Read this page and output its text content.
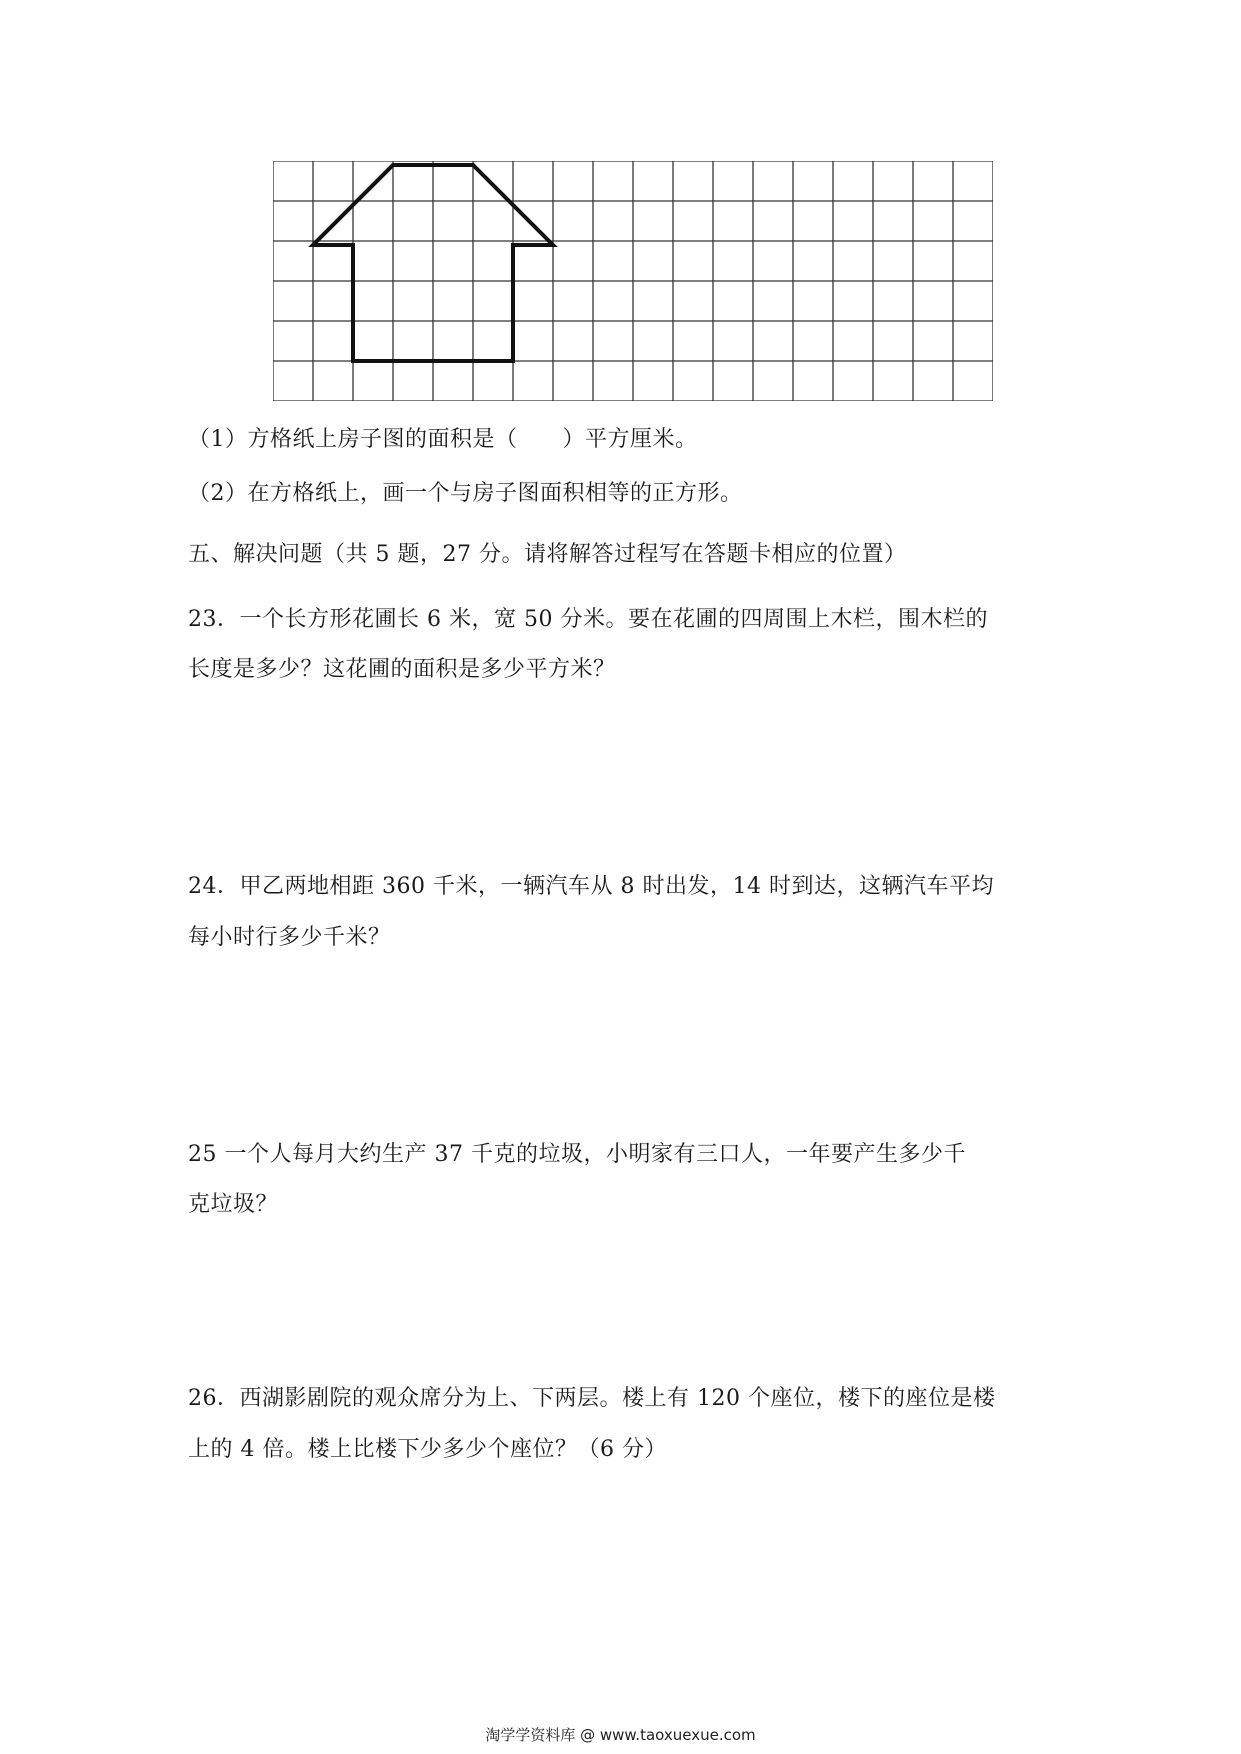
（1）方格纸上房子图的面积是（　　）平方厘米。
（2）在方格纸上，画一个与房子图面积相等的正方形。
五、解决问题（共 5 题，27 分。请将解答过程写在答题卡相应的位置）
23．一个长方形花圃长 6 米，宽 50 分米。要在花圃的四周围上木栏，围木栏的
长度是多少？这花圃的面积是多少平方米？
24．甲乙两地相距 360 千米，一辆汽车从 8 时出发，14 时到达，这辆汽车平均
每小时行多少千米？
25 一个人每月大约生产 37 千克的垃圾，小明家有三口人，一年要产生多少千
克垃圾？
26．西湖影剧院的观众席分为上、下两层。楼上有 120 个座位，楼下的座位是楼
上的 4 倍。楼上比楼下少多少个座位？（6 分）
淘学学资料库 @ www.taoxuexue.com
